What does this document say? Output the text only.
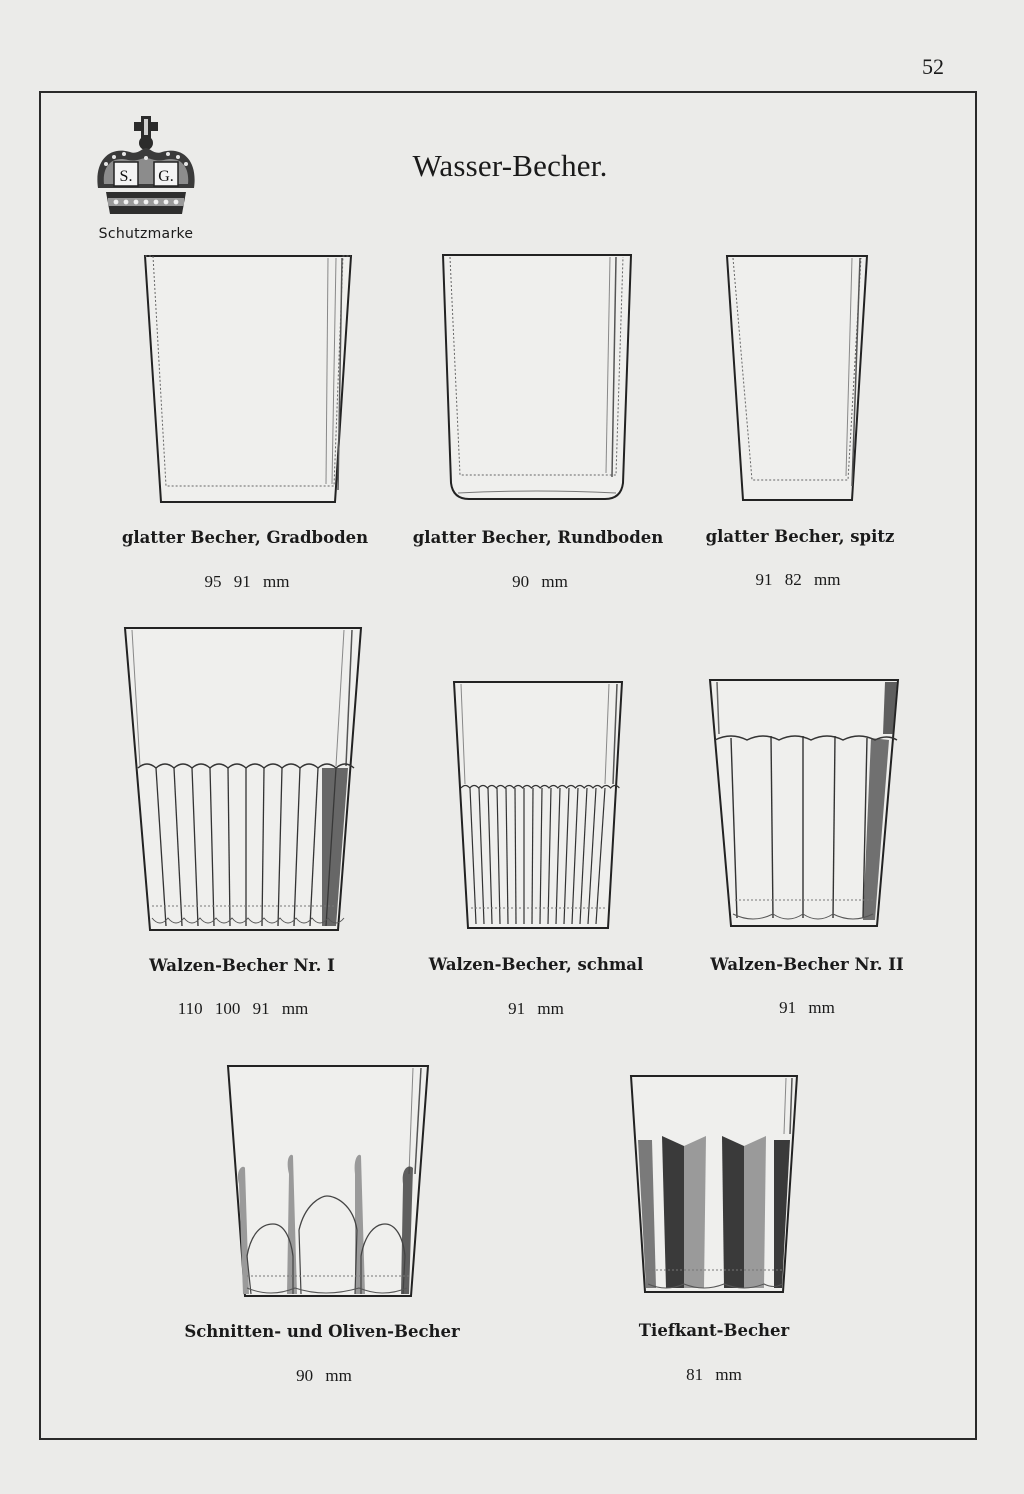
52
S. G.
Schutzmarke
Wasser-Becher.
glatter Becher, Gradboden
95 91 mm
glatter Becher, Rundboden
90 mm
glatter Becher, spitz
91 82 mm
Walzen-Becher Nr. I
110 100 91 mm
Walzen-Becher, schmal
91 mm
Walzen-Becher Nr. II
91 mm
Schnitten- und Oliven-Becher
90 mm
Tiefkant-Becher
81 mm
